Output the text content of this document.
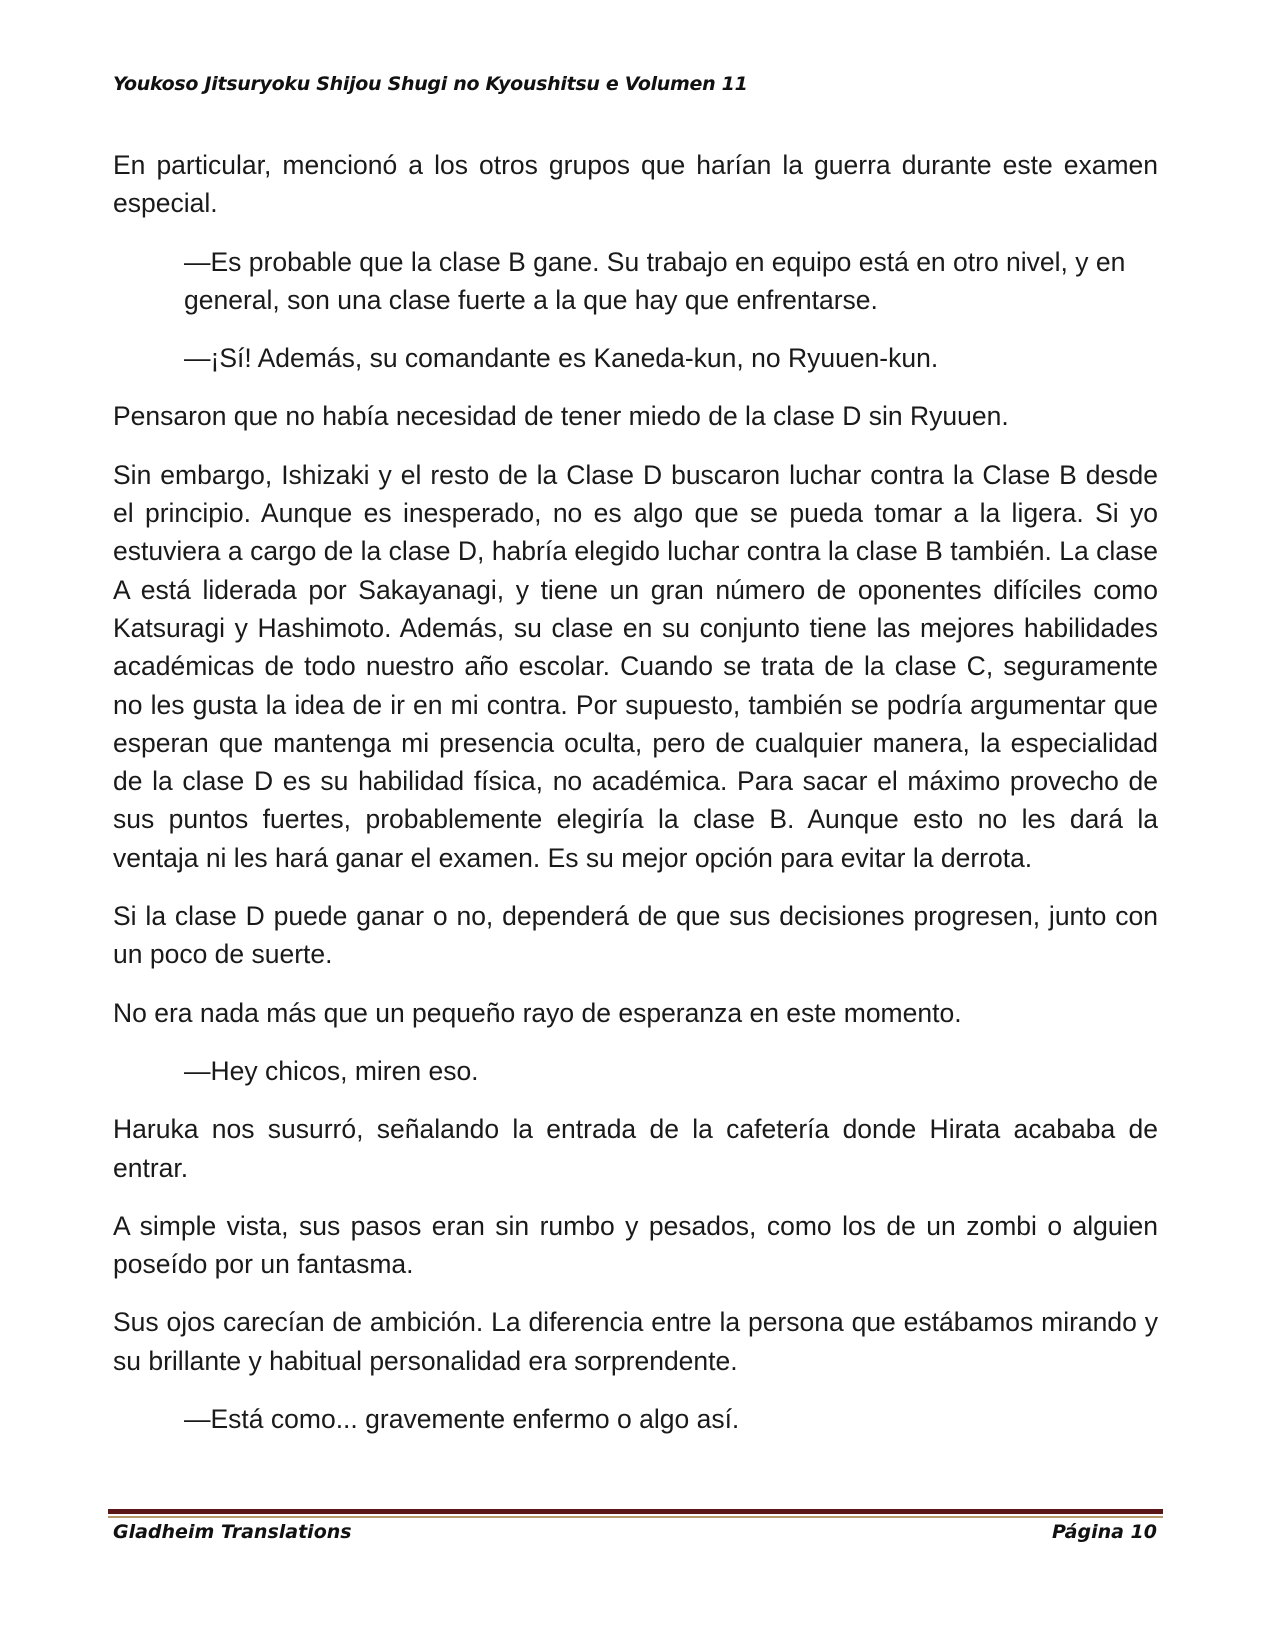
Youkoso Jitsuryoku Shijou Shugi no Kyoushitsu e Volumen 11

En particular, mencionó a los otros grupos que harían la guerra durante este examen especial.

—Es probable que la clase B gane. Su trabajo en equipo está en otro nivel, y en general, son una clase fuerte a la que hay que enfrentarse.

—¡Sí! Además, su comandante es Kaneda-kun, no Ryuuen-kun.

Pensaron que no había necesidad de tener miedo de la clase D sin Ryuuen.

Sin embargo, Ishizaki y el resto de la Clase D buscaron luchar contra la Clase B desde el principio. Aunque es inesperado, no es algo que se pueda tomar a la ligera. Si yo estuviera a cargo de la clase D, habría elegido luchar contra la clase B también. La clase A está liderada por Sakayanagi, y tiene un gran número de oponentes difíciles como Katsuragi y Hashimoto. Además, su clase en su conjunto tiene las mejores habilidades académicas de todo nuestro año escolar. Cuando se trata de la clase C, seguramente no les gusta la idea de ir en mi contra. Por supuesto, también se podría argumentar que esperan que mantenga mi presencia oculta, pero de cualquier manera, la especialidad de la clase D es su habilidad física, no académica. Para sacar el máximo provecho de sus puntos fuertes, probablemente elegiría la clase B. Aunque esto no les dará la ventaja ni les hará ganar el examen. Es su mejor opción para evitar la derrota.

Si la clase D puede ganar o no, dependerá de que sus decisiones progresen, junto con un poco de suerte.

No era nada más que un pequeño rayo de esperanza en este momento.

—Hey chicos, miren eso.

Haruka nos susurró, señalando la entrada de la cafetería donde Hirata acababa de entrar.

A simple vista, sus pasos eran sin rumbo y pesados, como los de un zombi o alguien poseído por un fantasma.

Sus ojos carecían de ambición. La diferencia entre la persona que estábamos mirando y su brillante y habitual personalidad era sorprendente.

—Está como... gravemente enfermo o algo así.

Gladheim Translations	Página 10
